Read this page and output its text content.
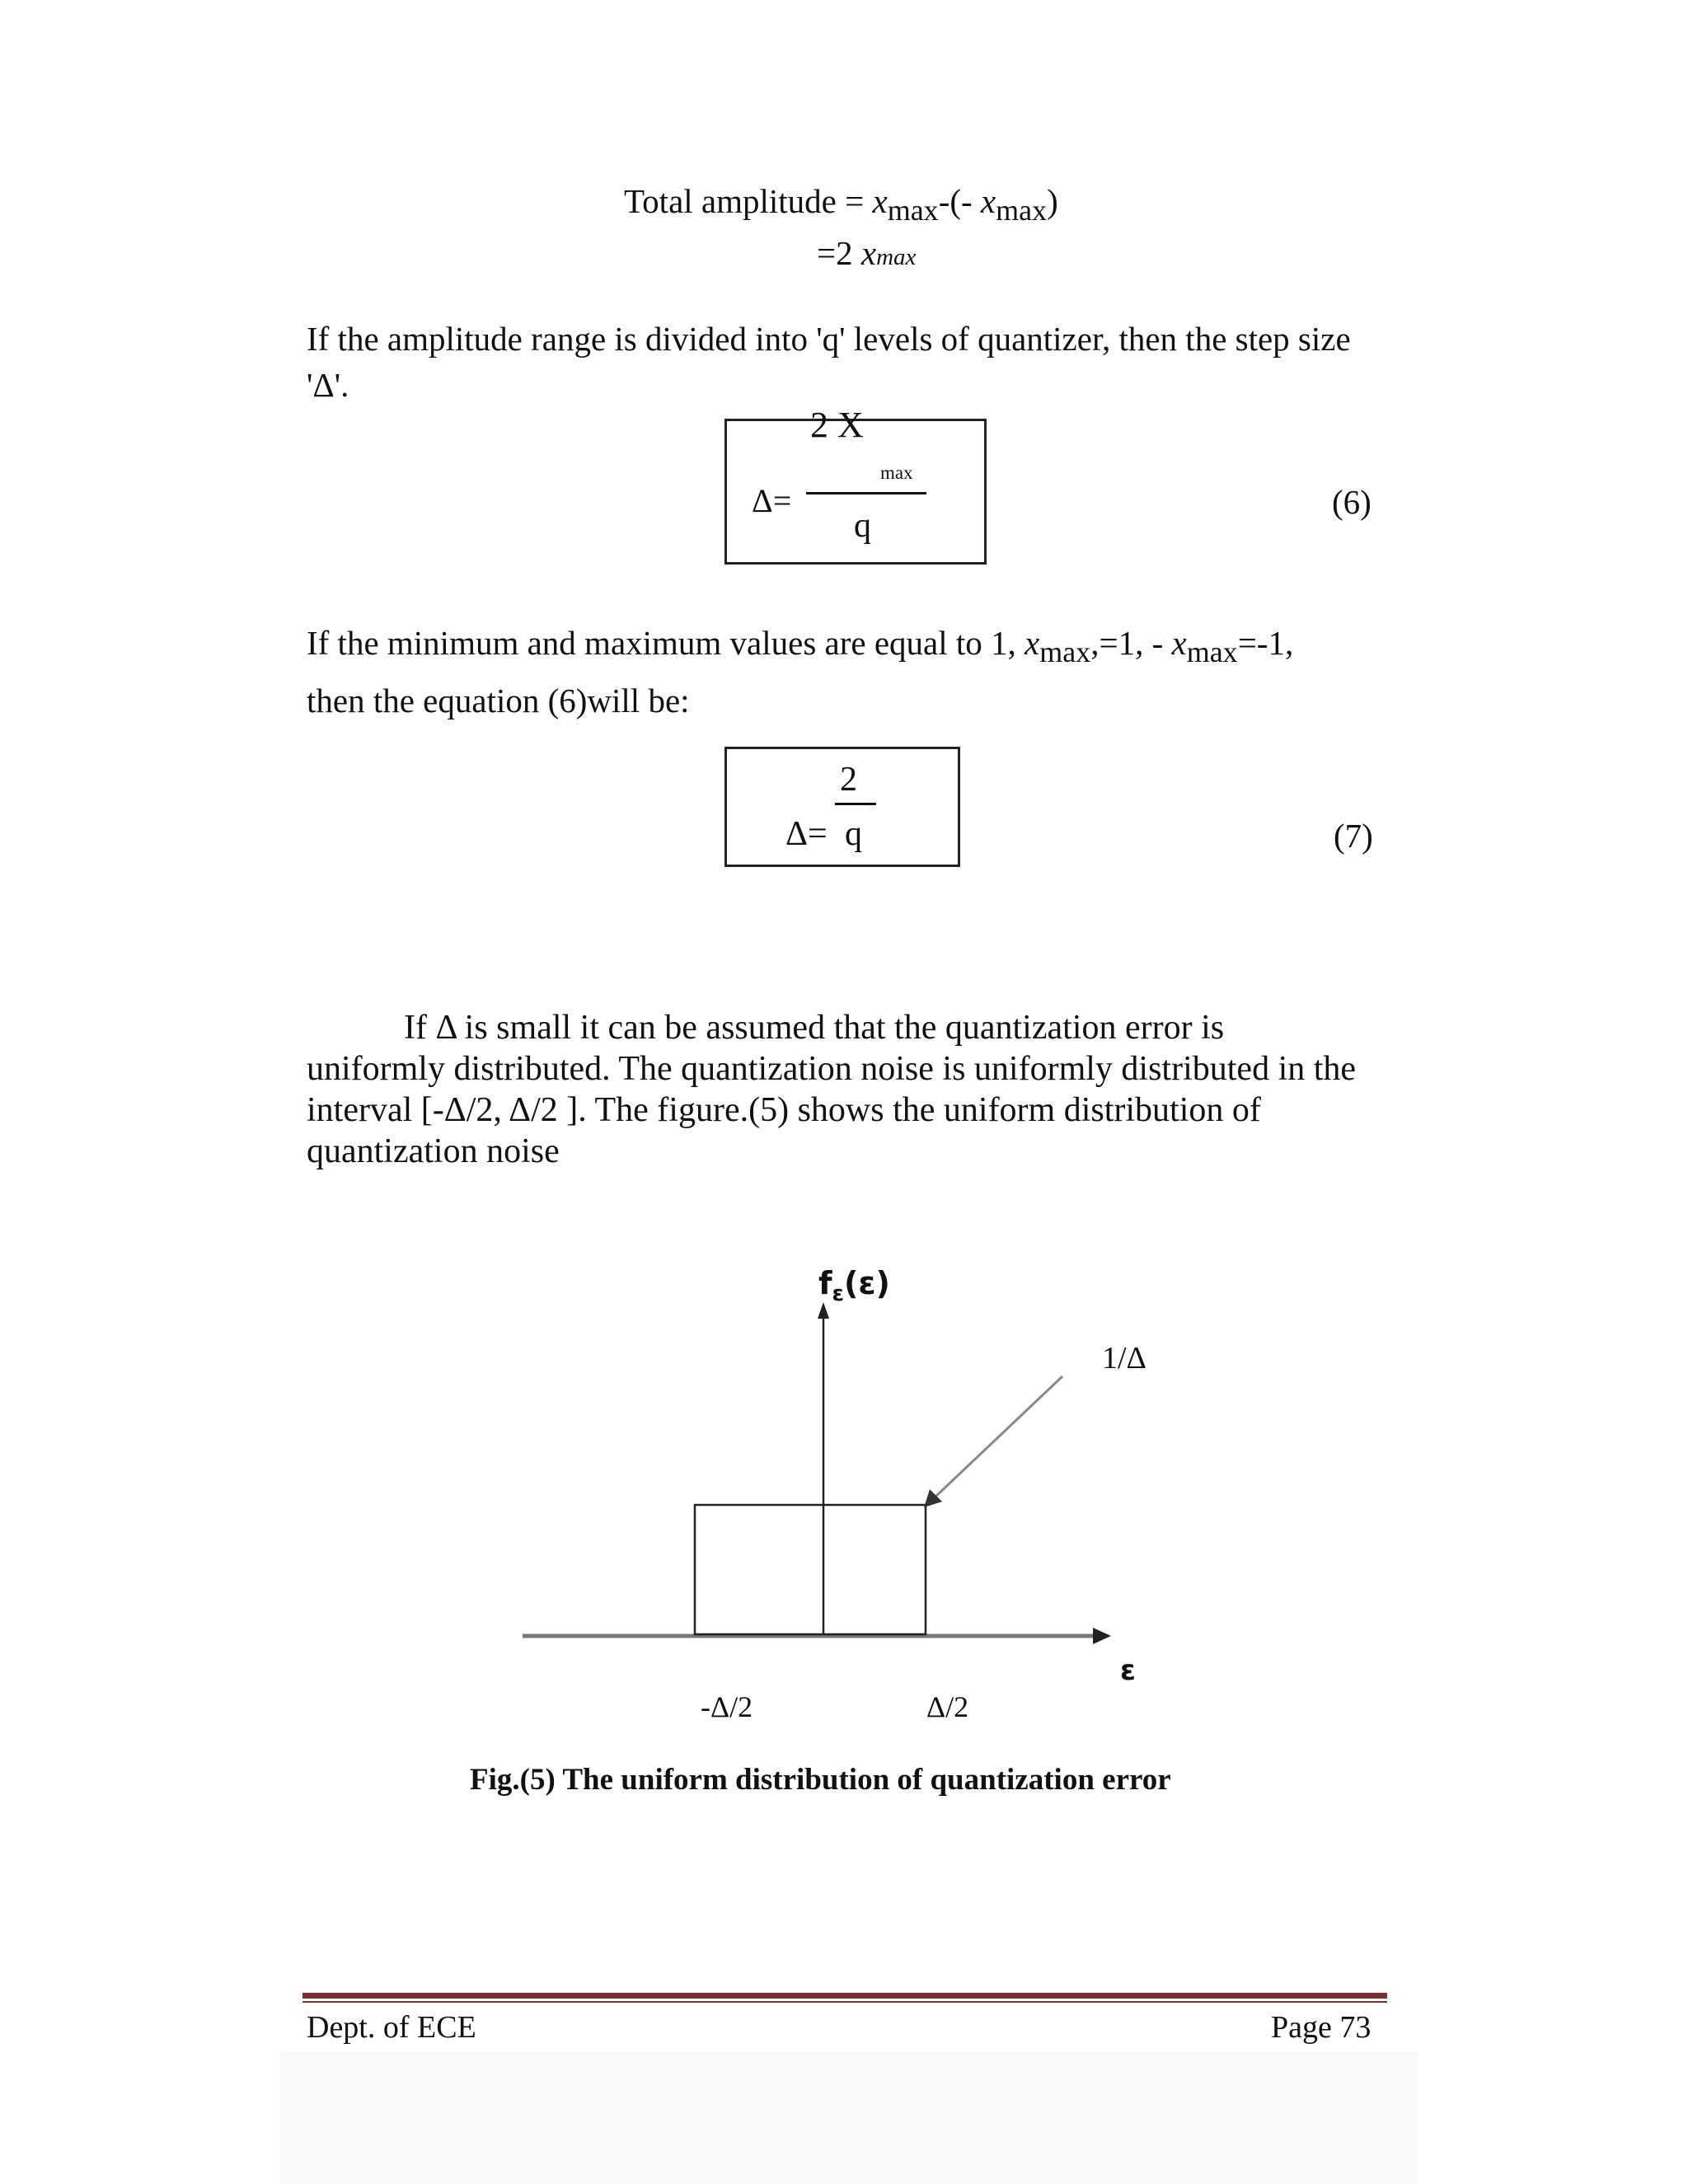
Total amplitude = xmax-(- xmax)
=2 xmax
If the amplitude range is divided into 'q' levels of quantizer, then the step size 'Δ'.
2 X
max
Δ=
q
(6)
If the minimum and maximum values are equal to 1, xmax,=1, - xmax=-1,
then the equation (6)will be:
2
Δ= q	(7)
If Δ is small it can be assumed that the quantization error is
uniformly distributed. The quantization noise is uniformly distributed in the interval [-Δ/2, Δ/2 ]. The figure.(5) shows the uniform distribution of quantization noise
$f_\varepsilon(\varepsilon)$
1/Δ
ε
-Δ/2	Δ/2
Fig.(5) The uniform distribution of quantization error
Dept. of ECE	Page 73
